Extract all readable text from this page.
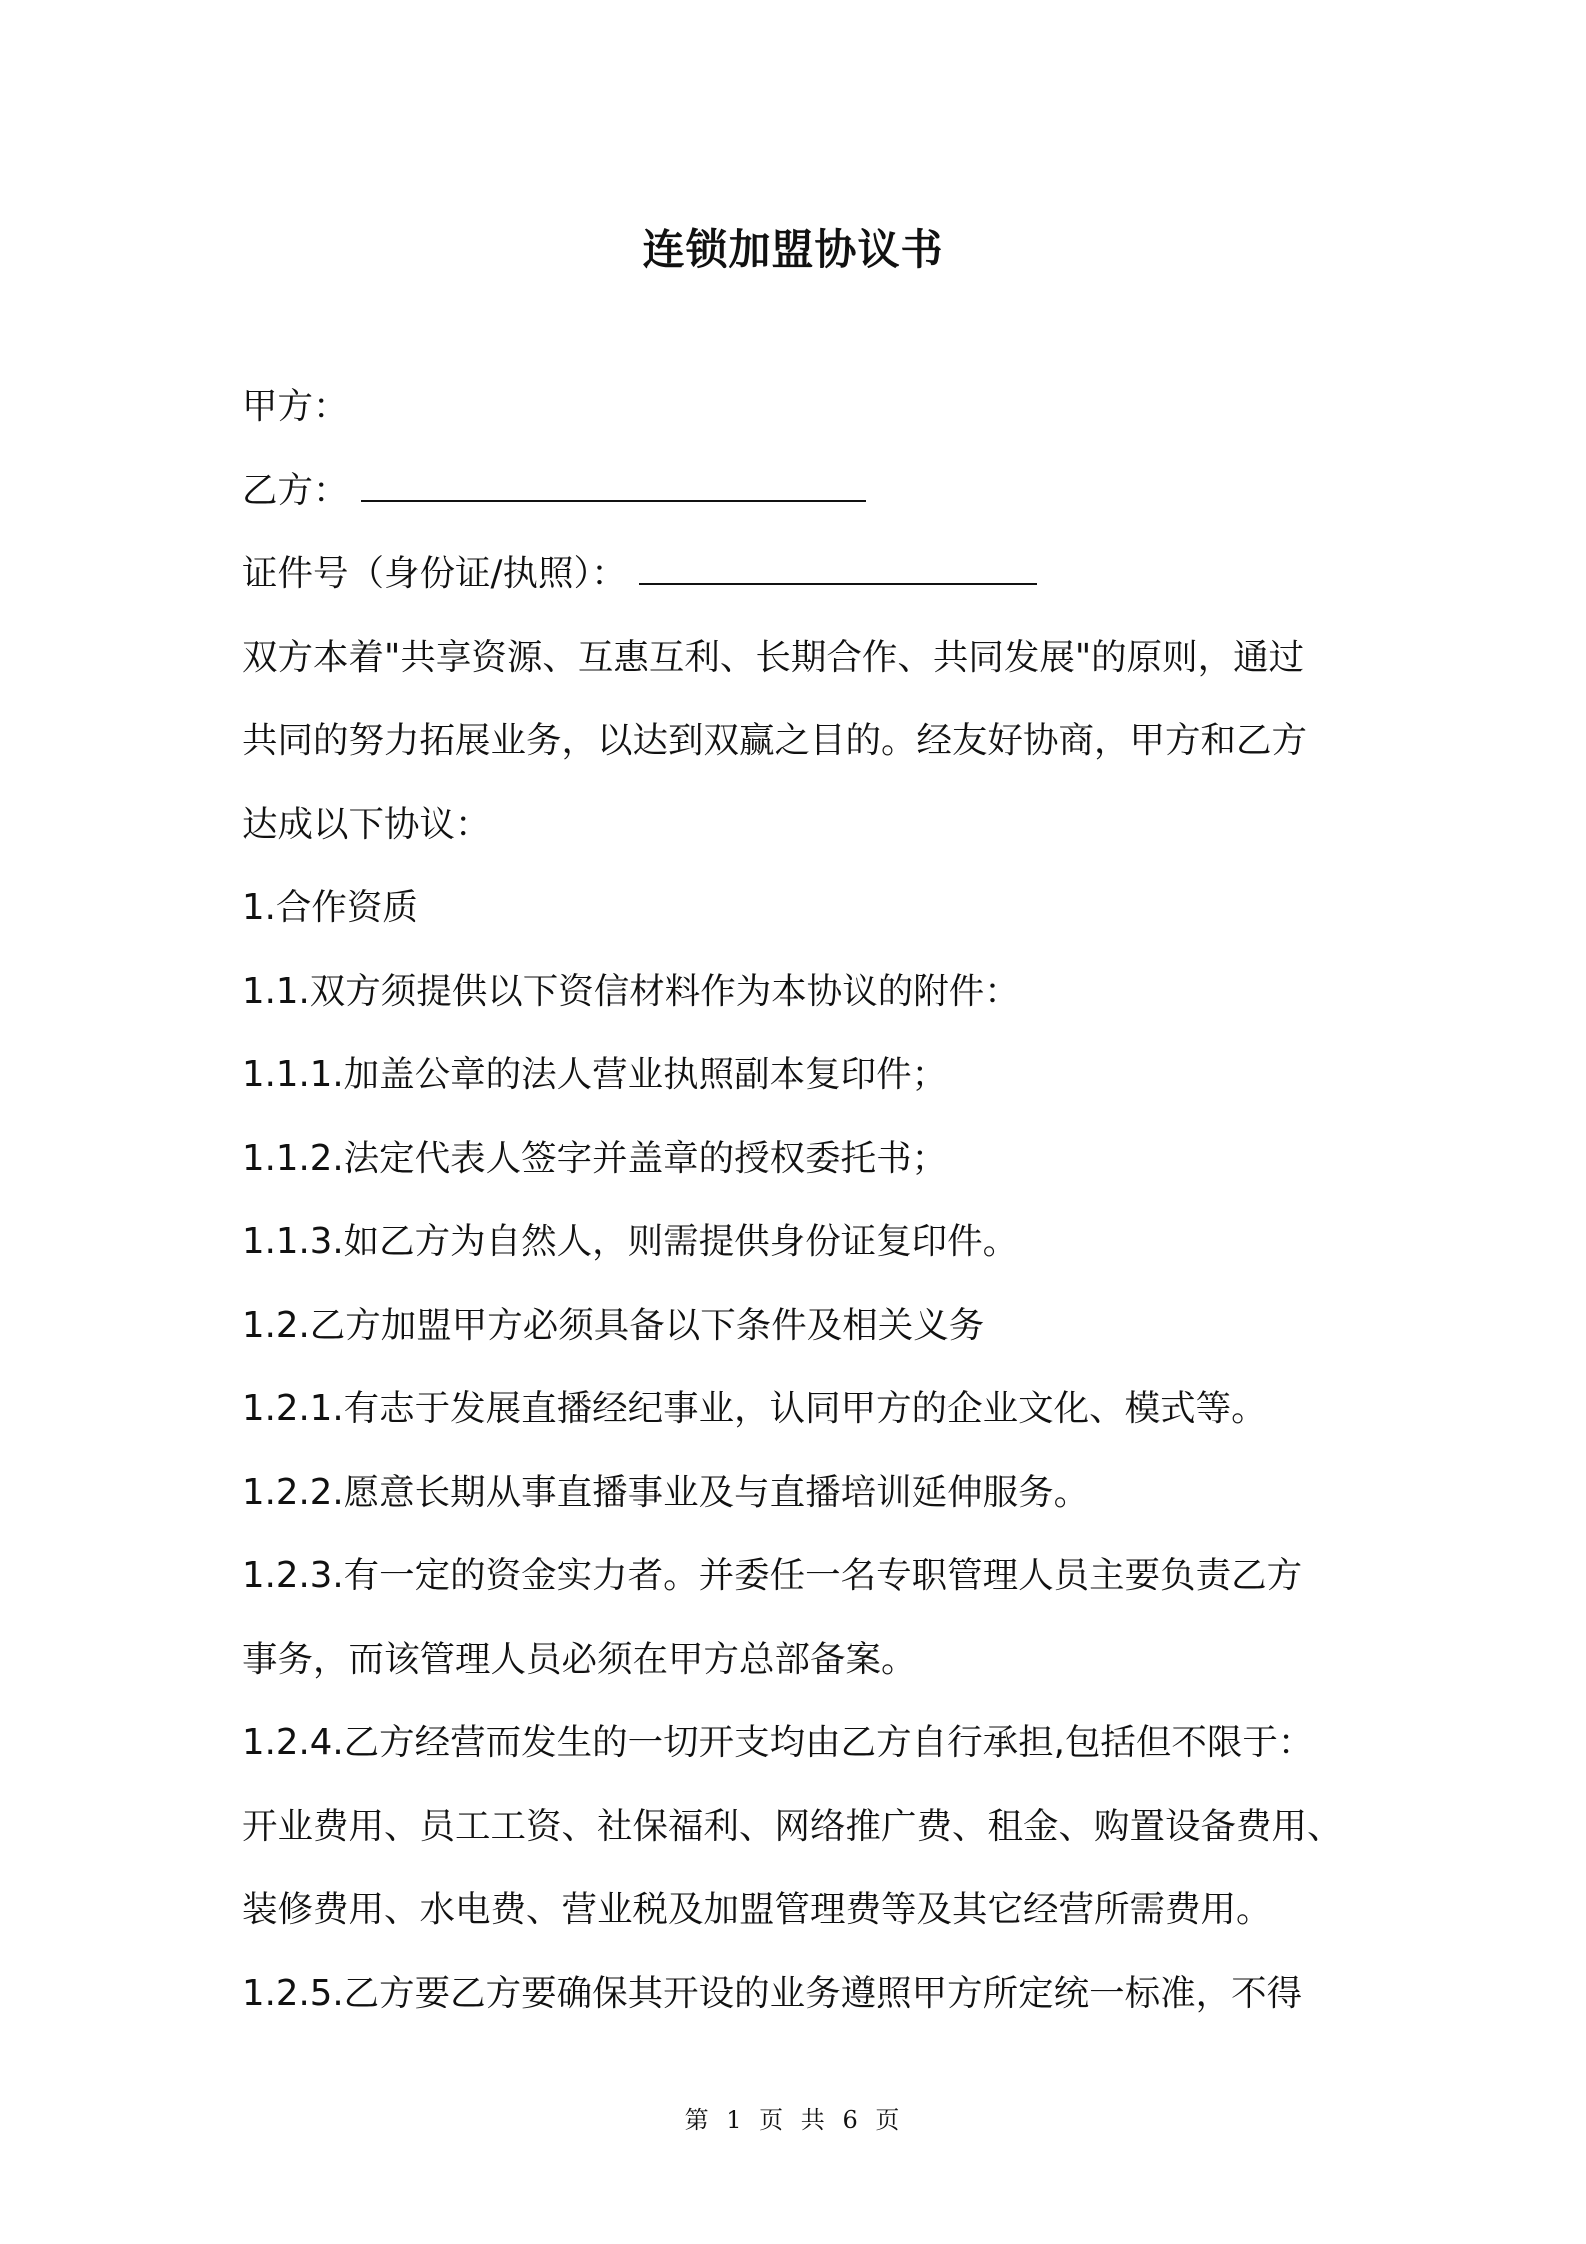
连锁加盟协议书
甲方：
乙方：
证件号（身份证/执照）：
双方本着"共享资源、互惠互利、长期合作、共同发展"的原则，通过
共同的努力拓展业务，以达到双赢之目的。经友好协商，甲方和乙方
达成以下协议：
1.合作资质
1.1.双方须提供以下资信材料作为本协议的附件：
1.1.1.加盖公章的法人营业执照副本复印件；
1.1.2.法定代表人签字并盖章的授权委托书；
1.1.3.如乙方为自然人，则需提供身份证复印件。
1.2.乙方加盟甲方必须具备以下条件及相关义务
1.2.1.有志于发展直播经纪事业，认同甲方的企业文化、模式等。
1.2.2.愿意长期从事直播事业及与直播培训延伸服务。
1.2.3.有一定的资金实力者。并委任一名专职管理人员主要负责乙方
事务，而该管理人员必须在甲方总部备案。
1.2.4.乙方经营而发生的一切开支均由乙方自行承担,包括但不限于：
开业费用、员工工资、社保福利、网络推广费、租金、购置设备费用、
装修费用、水电费、营业税及加盟管理费等及其它经营所需费用。
1.2.5.乙方要乙方要确保其开设的业务遵照甲方所定统一标准，不得
第 1 页 共 6 页
